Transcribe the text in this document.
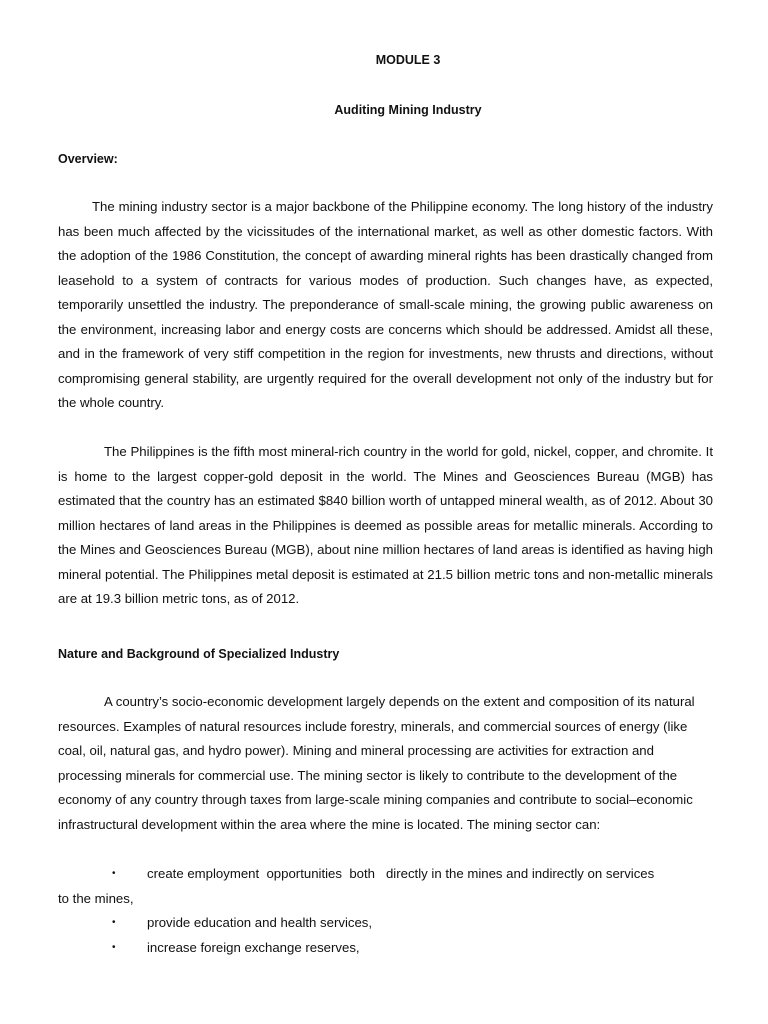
MODULE 3
Auditing Mining Industry
Overview:

The mining industry sector is a major backbone of the Philippine economy. The long history of the industry has been much affected by the vicissitudes of the international market, as well as other domestic factors. With the adoption of the 1986 Constitution, the concept of awarding mineral rights has been drastically changed from leasehold to a system of contracts for various modes of production. Such changes have, as expected, temporarily unsettled the industry. The preponderance of small-scale mining, the growing public awareness on the environment, increasing labor and energy costs are concerns which should be addressed. Amidst all these, and in the framework of very stiff competition in the region for investments, new thrusts and directions, without compromising general stability, are urgently required for the overall development not only of the industry but for the whole country.

The Philippines is the fifth most mineral-rich country in the world for gold, nickel, copper, and chromite. It is home to the largest copper-gold deposit in the world. The Mines and Geosciences Bureau (MGB) has estimated that the country has an estimated $840 billion worth of untapped mineral wealth, as of 2012. About 30 million hectares of land areas in the Philippines is deemed as possible areas for metallic minerals. According to the Mines and Geosciences Bureau (MGB), about nine million hectares of land areas is identified as having high mineral potential. The Philippines metal deposit is estimated at 21.5 billion metric tons and non-metallic minerals are at 19.3 billion metric tons, as of 2012.

Nature and Background of Specialized Industry

A country’s socio-economic development largely depends on the extent and composition of its natural resources. Examples of natural resources include forestry, minerals, and commercial sources of energy (like coal, oil, natural gas, and hydro power). Mining and mineral processing are activities for extraction and processing minerals for commercial use. The mining sector is likely to contribute to the development of the economy of any country through taxes from large-scale mining companies and contribute to social–economic infrastructural development within the area where the mine is located. The mining sector can:

• create employment  opportunities  both   directly in the mines and indirectly on services
to the mines,
• provide education and health services,
• increase foreign exchange reserves,
